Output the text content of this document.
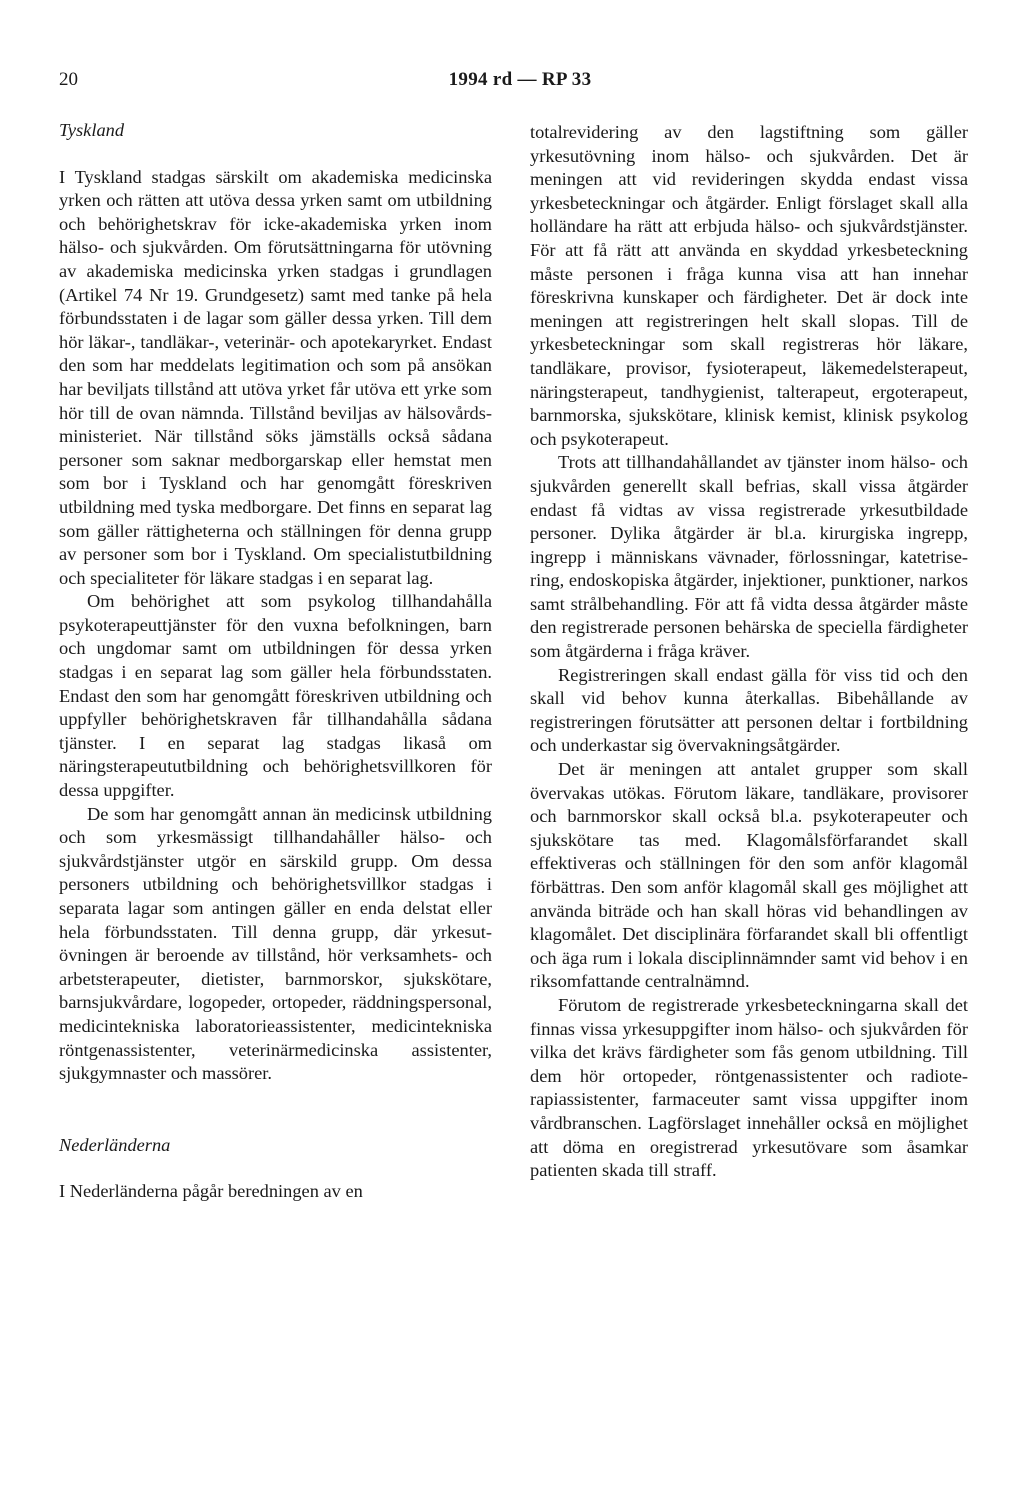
20	1994 rd — RP 33
Tyskland

I Tyskland stadgas särskilt om akademiska medicinska yrken och rätten att utöva dessa yrken samt om utbildning och behörighetskrav för icke-akademiska yrken inom hälso- och sjukvården. Om förutsättningarna för utövning av akademiska medicinska yrken stadgas i grundlagen (Artikel 74 Nr 19. Grundgesetz) samt med tanke på hela förbundsstaten i de lagar som gäller dessa yrken. Till dem hör läkar-, tandläkar-, veterinär- och apotekaryrket. Endast den som har meddelats legitimation och som på ansökan har beviljats tillstånd att utöva yrket får utöva ett yrke som hör till de ovan nämnda. Tillstånd beviljas av hälsovårdsministeriet. När tillstånd söks jämställs också sådana personer som saknar medborgarskap eller hemstat men som bor i Tyskland och har genomgått föreskriven utbildning med tyska medborgare. Det finns en separat lag som gäller rättigheterna och ställningen för denna grupp av personer som bor i Tyskland. Om specialistutbildning och specialiteter för läkare stadgas i en separat lag.

Om behörighet att som psykolog tillhandahålla psykoterapeuttjänster för den vuxna befolkningen, barn och ungdomar samt om utbildningen för dessa yrken stadgas i en separat lag som gäller hela förbundsstaten. Endast den som har genomgått föreskriven utbildning och uppfyller behörighetskraven får tillhandahålla sådana tjänster. I en separat lag stadgas likaså om näringsterapeututbildning och behörighetsvillkoren för dessa uppgifter.

De som har genomgått annan än medicinsk utbildning och som yrkesmässigt tillhandahåller hälso- och sjukvårdstjänster utgör en särskild grupp. Om dessa personers utbildning och behörighetsvillkor stadgas i separata lagar som antingen gäller en enda delstat eller hela förbundsstaten. Till denna grupp, där yrkesutövningen är beroende av tillstånd, hör verksamhets- och arbetsterapeuter, dietister, barnmorskor, sjukskötare, barnsjukvårdare, logopeder, ortopeder, räddningspersonal, medicintekniska laboratorieassistenter, medicintekniska röntgenassistenter, veterinärmedicinska assistenter, sjukgymnaster och massörer.

Nederländerna

I Nederländerna pågår beredningen av en

totalrevidering av den lagstiftning som gäller yrkesutövning inom hälso- och sjukvården. Det är meningen att vid revideringen skydda endast vissa yrkesbeteckningar och åtgärder. Enligt förslaget skall alla holländare ha rätt att erbjuda hälso- och sjukvårdstjänster. För att få rätt att använda en skyddad yrkesbeteckning måste personen i fråga kunna visa att han innehar föreskrivna kunskaper och färdigheter. Det är dock inte meningen att registreringen helt skall slopas. Till de yrkesbeteckningar som skall registreras hör läkare, tandläkare, provisor, fysioterapeut, läkemedelsterapeut, näringsterapeut, tandhygienist, talterapeut, ergoterapeut, barnmorska, sjukskötare, klinisk kemist, klinisk psykolog och psykoterapeut.

Trots att tillhandahållandet av tjänster inom hälso- och sjukvården generellt skall befrias, skall vissa åtgärder endast få vidtas av vissa registrerade yrkesutbildade personer. Dylika åtgärder är bl.a. kirurgiska ingrepp, ingrepp i människans vävnader, förlossningar, katetrisering, endoskopiska åtgärder, injektioner, punktioner, narkos samt strålbehandling. För att få vidta dessa åtgärder måste den registrerade personen behärska de speciella färdigheter som åtgärderna i fråga kräver.

Registreringen skall endast gälla för viss tid och den skall vid behov kunna återkallas. Bibehållande av registreringen förutsätter att personen deltar i fortbildning och underkastar sig övervakningsåtgärder.

Det är meningen att antalet grupper som skall övervakas utökas. Förutom läkare, tandläkare, provisorer och barnmorskor skall också bl.a. psykoterapeuter och sjukskötare tas med. Klagomålsförfarandet skall effektiveras och ställningen för den som anför klagomål förbättras. Den som anför klagomål skall ges möjlighet att använda biträde och han skall höras vid behandlingen av klagomålet. Det disciplinära förfarandet skall bli offentligt och äga rum i lokala disciplinnämnder samt vid behov i en riksomfattande centralnämnd.

Förutom de registrerade yrkesbeteckningarna skall det finnas vissa yrkesuppgifter inom hälso- och sjukvården för vilka det krävs färdigheter som fås genom utbildning. Till dem hör ortopeder, röntgenassistenter och radioterapiassistenter, farmaceuter samt vissa uppgifter inom vårdbranschen. Lagförslaget innehåller också en möjlighet att döma en oregistrerad yrkesutövare som åsamkar patienten skada till straff.
